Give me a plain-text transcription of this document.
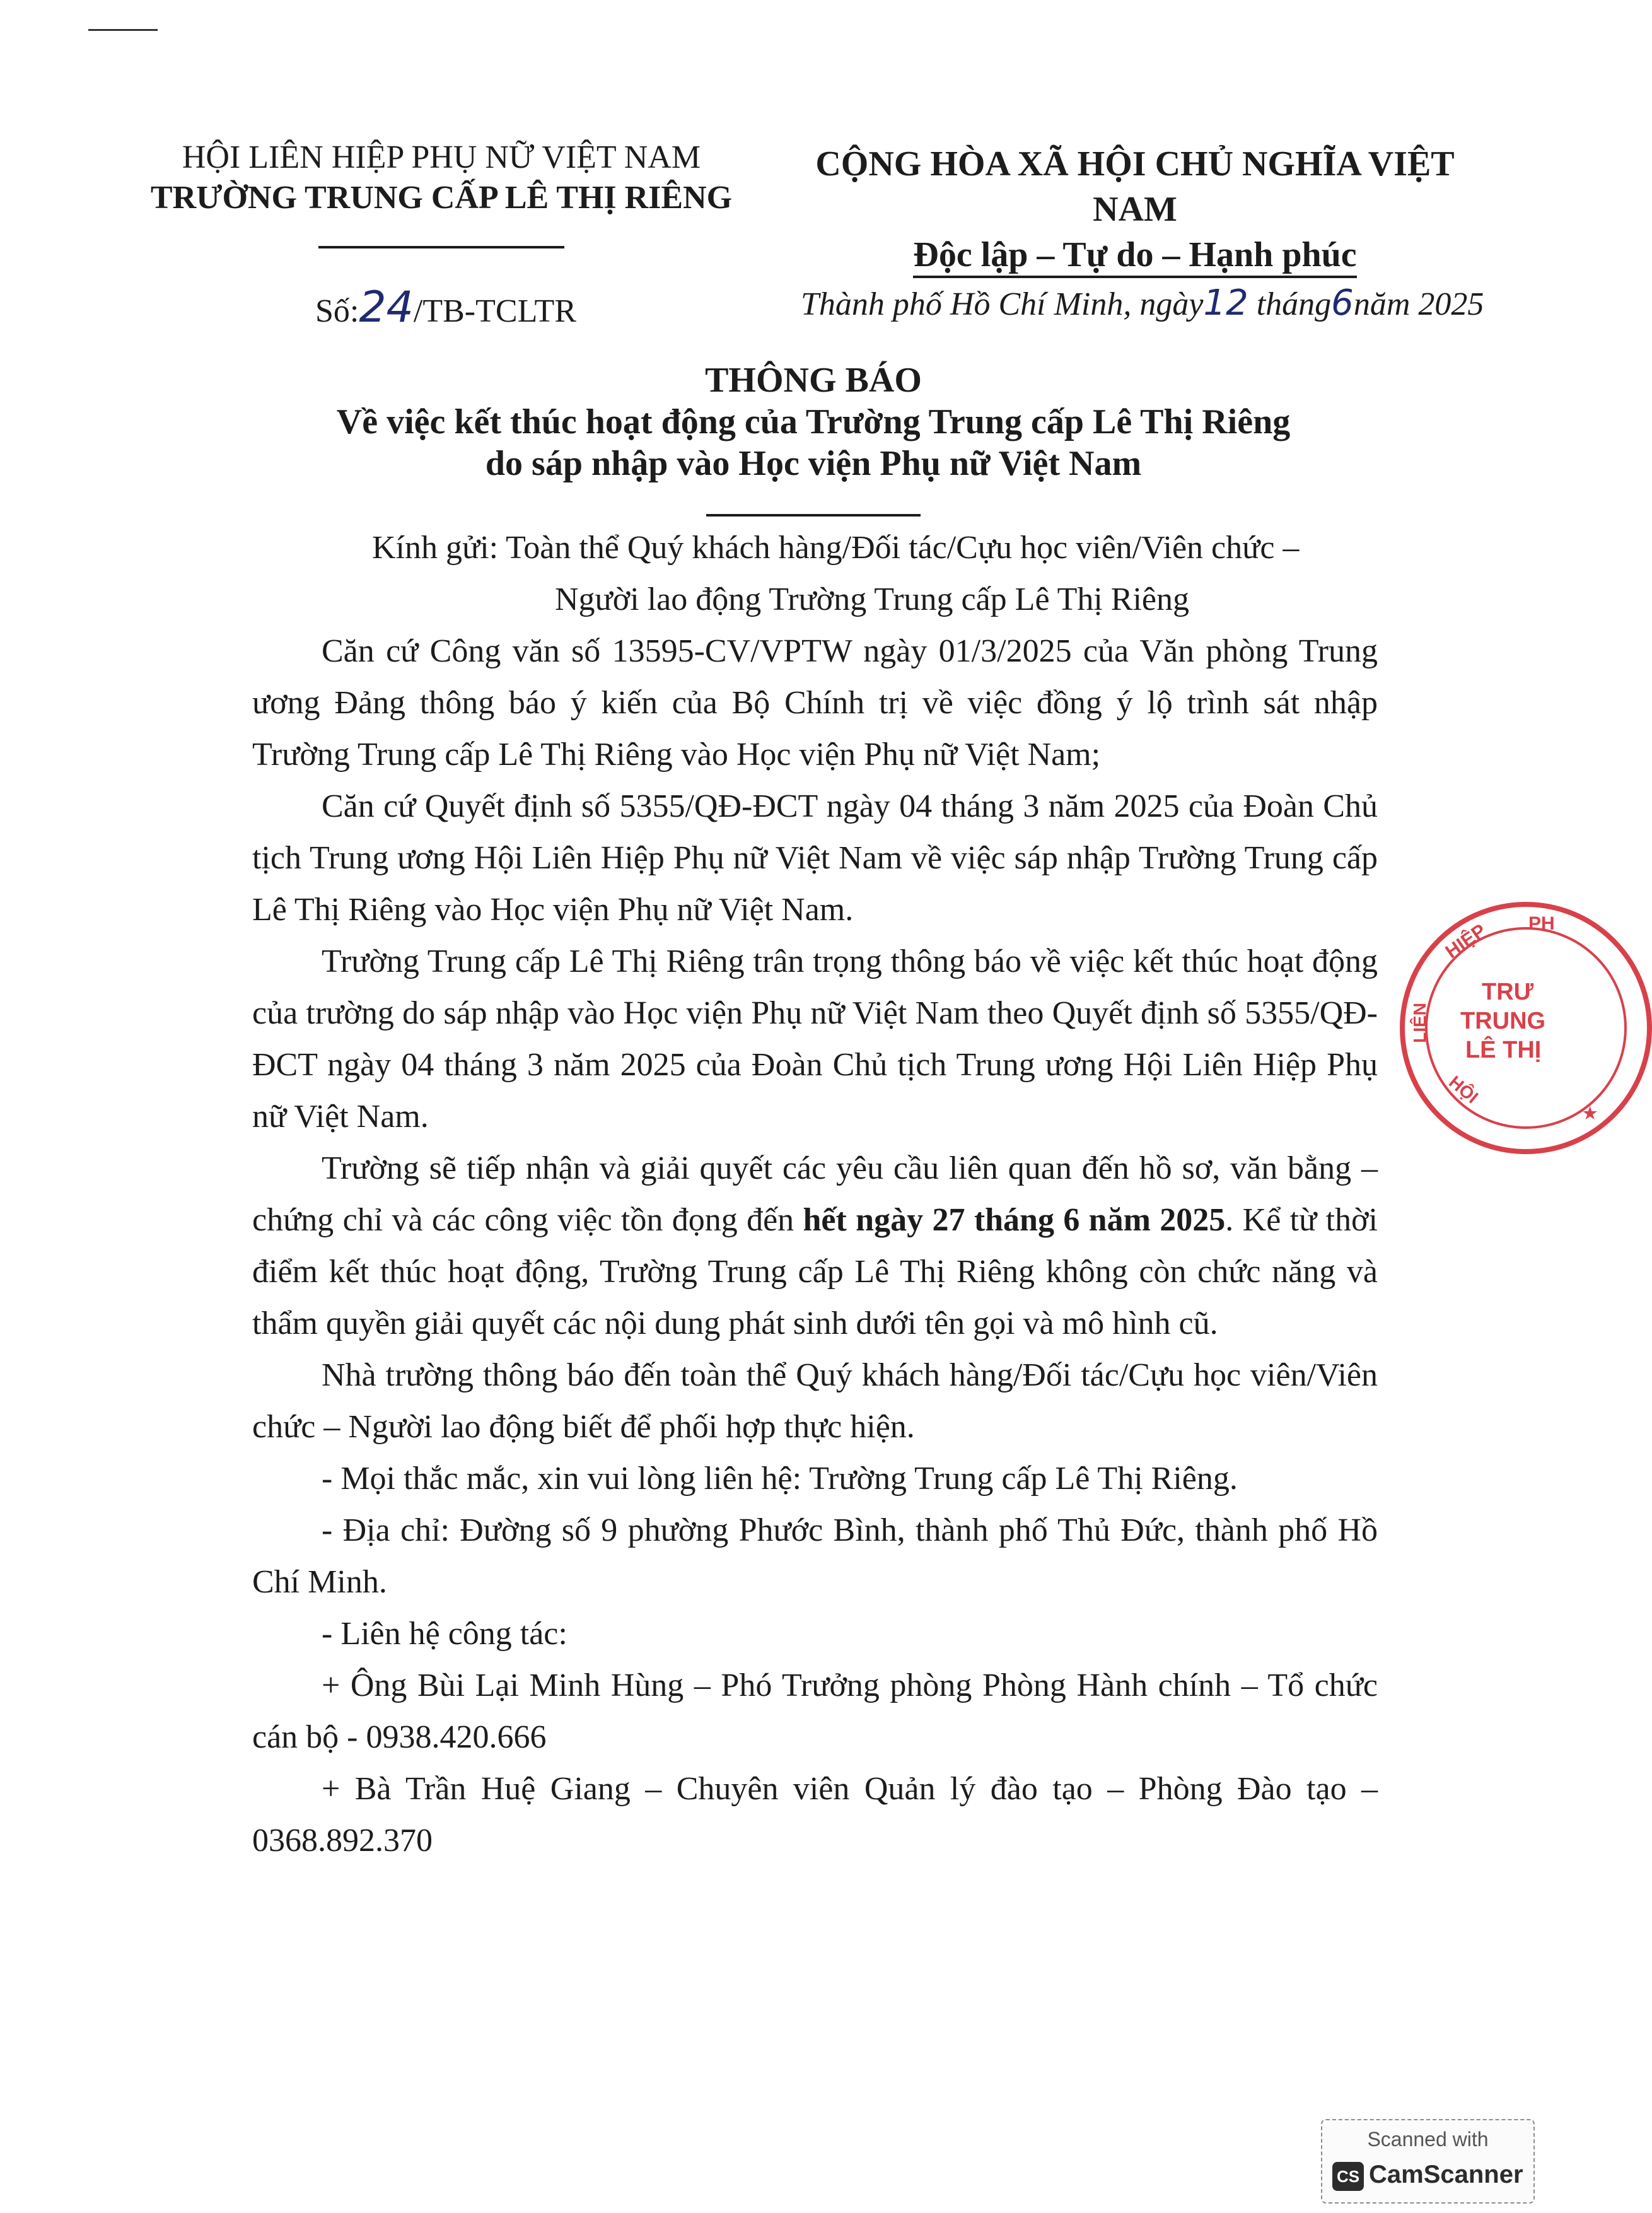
HỘI LIÊN HIỆP PHỤ NỮ VIỆT NAM
TRƯỜNG TRUNG CẤP LÊ THỊ RIÊNG
CỘNG HÒA XÃ HỘI CHỦ NGHĨA VIỆT NAM
Độc lập – Tự do – Hạnh phúc
Số:24/TB-TCLTR	Thành phố Hồ Chí Minh, ngày12 tháng6năm 2025
THÔNG BÁO
Về việc kết thúc hoạt động của Trường Trung cấp Lê Thị Riêng
do sáp nhập vào Học viện Phụ nữ Việt Nam
Kính gửi: Toàn thể Quý khách hàng/Đối tác/Cựu học viên/Viên chức –
Người lao động Trường Trung cấp Lê Thị Riêng

Căn cứ Công văn số 13595-CV/VPTW ngày 01/3/2025 của Văn phòng Trung ương Đảng thông báo ý kiến của Bộ Chính trị về việc đồng ý lộ trình sát nhập Trường Trung cấp Lê Thị Riêng vào Học viện Phụ nữ Việt Nam;

Căn cứ Quyết định số 5355/QĐ-ĐCT ngày 04 tháng 3 năm 2025 của Đoàn Chủ tịch Trung ương Hội Liên Hiệp Phụ nữ Việt Nam về việc sáp nhập Trường Trung cấp Lê Thị Riêng vào Học viện Phụ nữ Việt Nam.

Trường Trung cấp Lê Thị Riêng trân trọng thông báo về việc kết thúc hoạt động của trường do sáp nhập vào Học viện Phụ nữ Việt Nam theo Quyết định số 5355/QĐ-ĐCT ngày 04 tháng 3 năm 2025 của Đoàn Chủ tịch Trung ương Hội Liên Hiệp Phụ nữ Việt Nam.

Trường sẽ tiếp nhận và giải quyết các yêu cầu liên quan đến hồ sơ, văn bằng – chứng chỉ và các công việc tồn đọng đến hết ngày 27 tháng 6 năm 2025. Kể từ thời điểm kết thúc hoạt động, Trường Trung cấp Lê Thị Riêng không còn chức năng và thẩm quyền giải quyết các nội dung phát sinh dưới tên gọi và mô hình cũ.

Nhà trường thông báo đến toàn thể Quý khách hàng/Đối tác/Cựu học viên/Viên chức – Người lao động biết để phối hợp thực hiện.

- Mọi thắc mắc, xin vui lòng liên hệ: Trường Trung cấp Lê Thị Riêng.

- Địa chỉ: Đường số 9 phường Phước Bình, thành phố Thủ Đức, thành phố Hồ Chí Minh.

- Liên hệ công tác:

+ Ông Bùi Lại Minh Hùng – Phó Trưởng phòng Phòng Hành chính – Tổ chức cán bộ - 0938.420.666

+ Bà Trần Huệ Giang – Chuyên viên Quản lý đào tạo – Phòng Đào tạo – 0368.892.370

LIÊN
HIỆP PH
HỘI
TRƯ
TRUNG
LÊ THỊ
★
Scanned with
CS CamScanner
